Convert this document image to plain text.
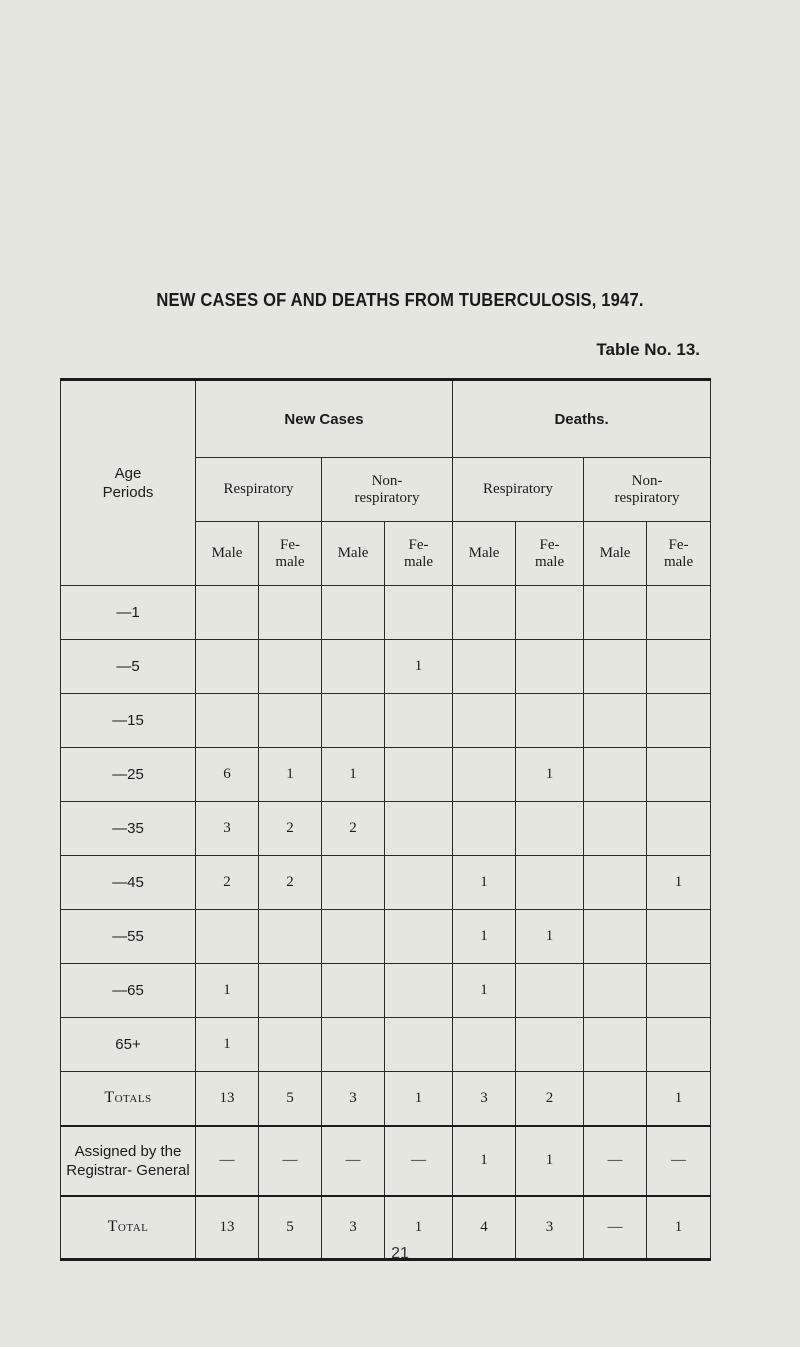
NEW CASES OF AND DEATHS FROM TUBERCULOSIS, 1947.
Table No. 13.
Age Periods	New Cases				Deaths.			
	Respiratory		Non- respiratory		Respiratory		Non- respiratory	
	Male	Fe- male	Male	Fe- male	Male	Fe- male	Male	Fe- male
—1								
—5				1				
—15								
—25	6	1	1			1		
—35	3	2	2					
—45	2	2			1			1
—55					1	1		
—65	1				1			
65+	1							
Totals	13	5	3	1	3	2		1
Assigned by the Registrar- General	—	—	—	—	1	1	—	—
Total	13	5	3	1	4	3	—	1
21
